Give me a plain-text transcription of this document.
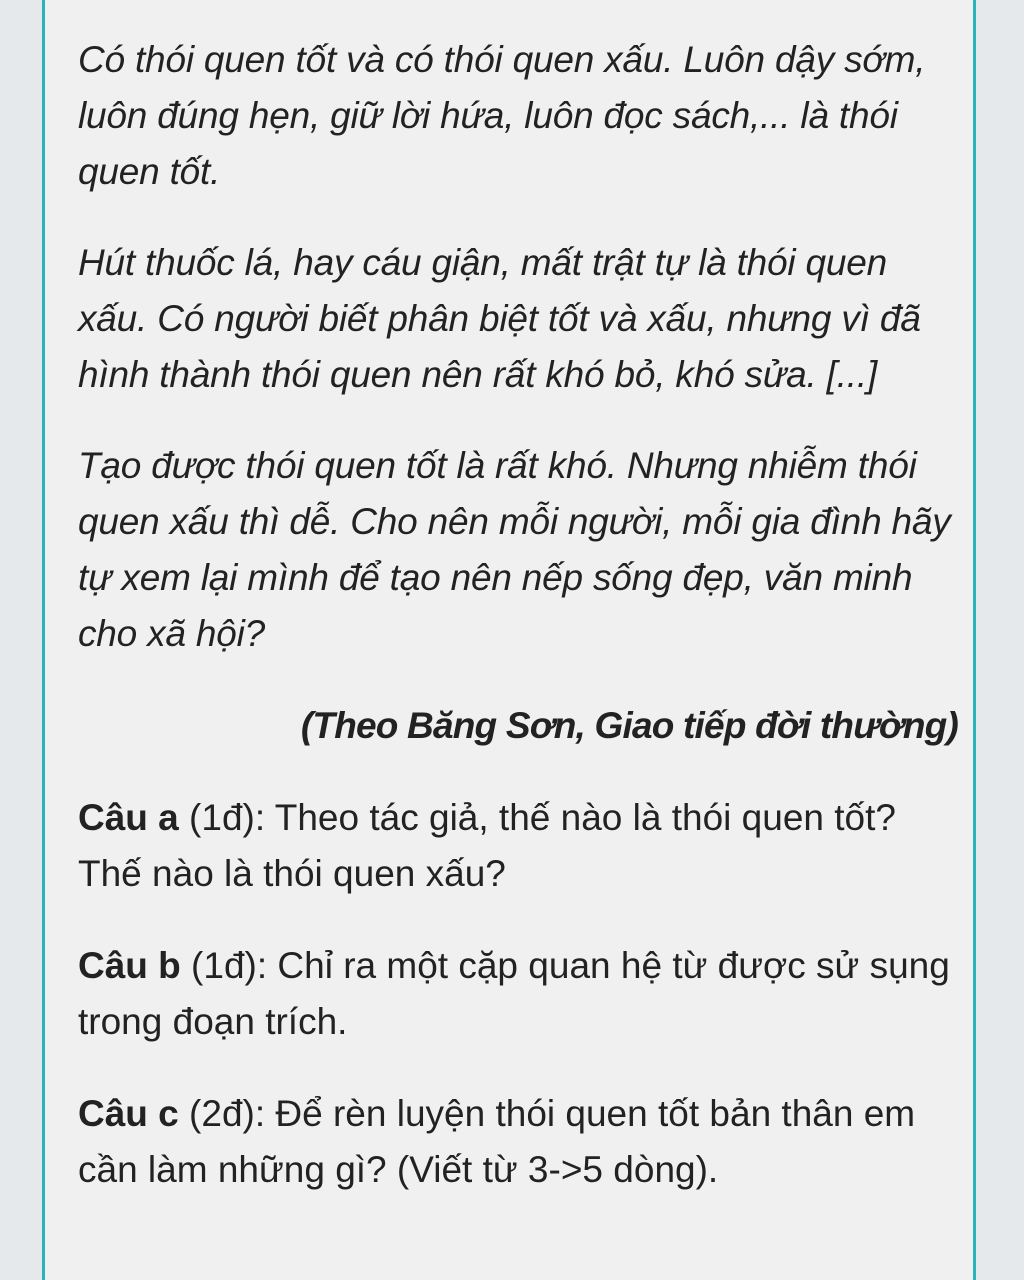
Có thói quen tốt và có thói quen xấu. Luôn dậy sớm, luôn đúng hẹn, giữ lời hứa, luôn đọc sách,... là thói quen tốt.

Hút thuốc lá, hay cáu giận, mất trật tự là thói quen xấu. Có người biết phân biệt tốt và xấu, nhưng vì đã hình thành thói quen nên rất khó bỏ, khó sửa. [...]

Tạo được thói quen tốt là rất khó. Nhưng nhiễm thói quen xấu thì dễ. Cho nên mỗi người, mỗi gia đình hãy tự xem lại mình để tạo nên nếp sống đẹp, văn minh cho xã hội?

(Theo Băng Sơn, Giao tiếp đời thường)

Câu a (1đ): Theo tác giả, thế nào là thói quen tốt? Thế nào là thói quen xấu?

Câu b (1đ): Chỉ ra một cặp quan hệ từ được sử sụng trong đoạn trích.

Câu c (2đ): Để rèn luyện thói quen tốt bản thân em cần làm những gì? (Viết từ 3->5 dòng).
